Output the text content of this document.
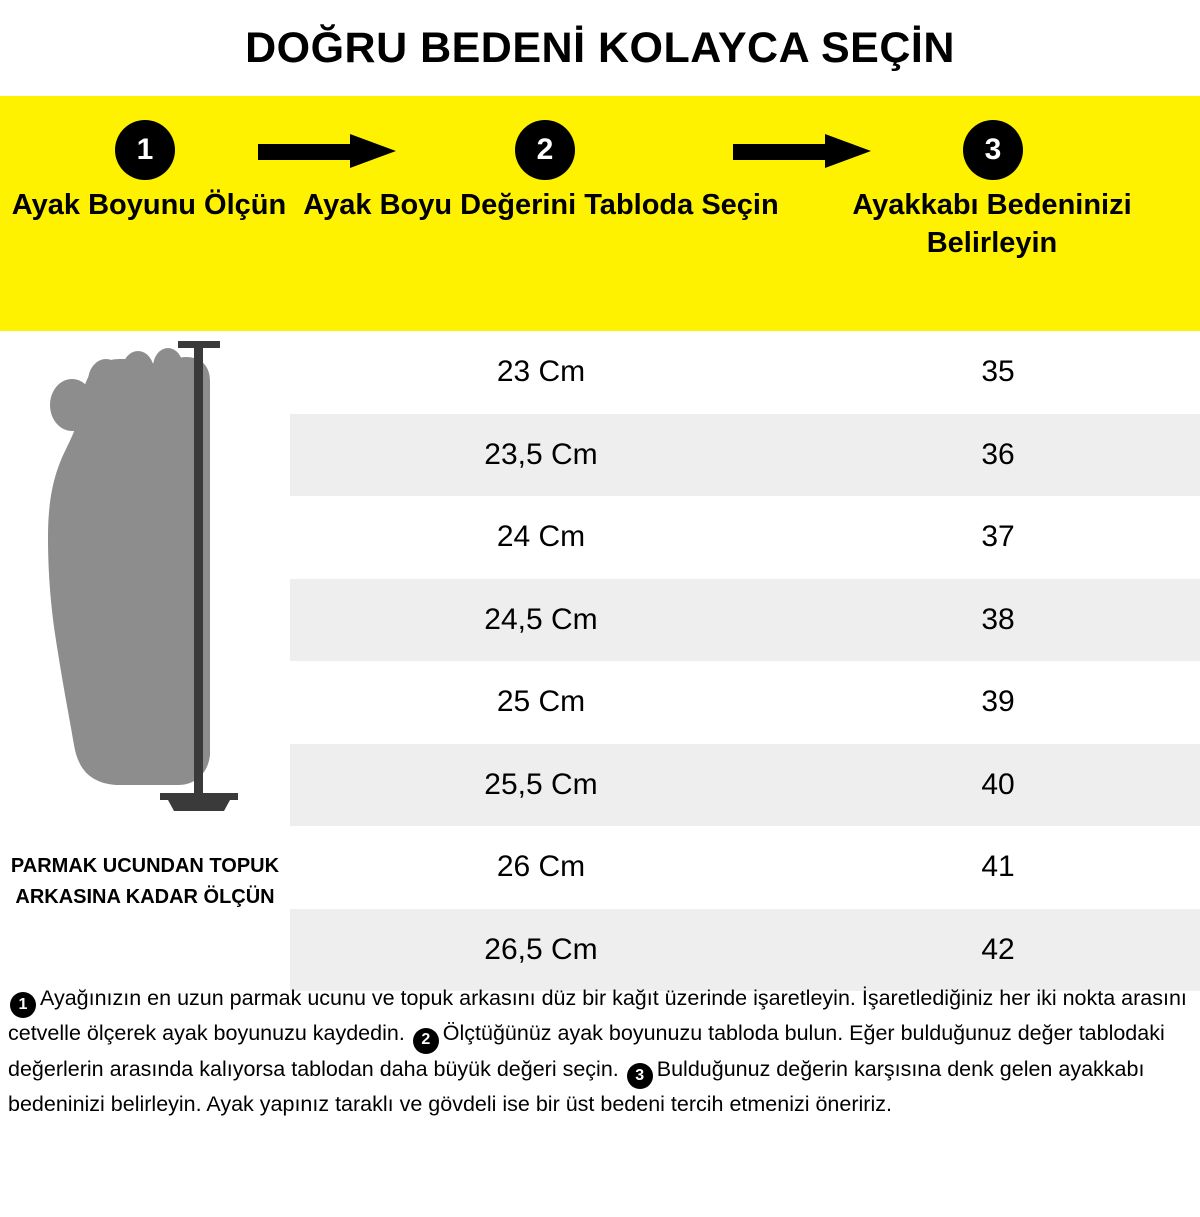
DOĞRU BEDENİ KOLAYCA SEÇİN
1	2	3
Ayak Boyunu Ölçün Ayak Boyu Değerini Tabloda Seçin	Ayakkabı Bedeninizi Belirleyin
PARMAK UCUNDAN TOPUK ARKASINA KADAR ÖLÇÜN
23 Cm	35
23,5 Cm	36
24 Cm	37
24,5 Cm	38
25 Cm	39
25,5 Cm	40
26 Cm	41
26,5 Cm	42
1 Ayağınızın en uzun parmak ucunu ve topuk arkasını düz bir kağıt üzerinde işaretleyin. İşaretlediğiniz her iki nokta arasını cetvelle ölçerek ayak boyunuzu kaydedin. 2 Ölçtüğünüz ayak boyunuzu tabloda bulun. Eğer bulduğunuz değer tablodaki değerlerin arasında kalıyorsa tablodan daha büyük değeri seçin. 3 Bulduğunuz değerin karşısına denk gelen ayakkabı bedeninizi belirleyin. Ayak yapınız taraklı ve gövdeli ise bir üst bedeni tercih etmenizi öneririz.
